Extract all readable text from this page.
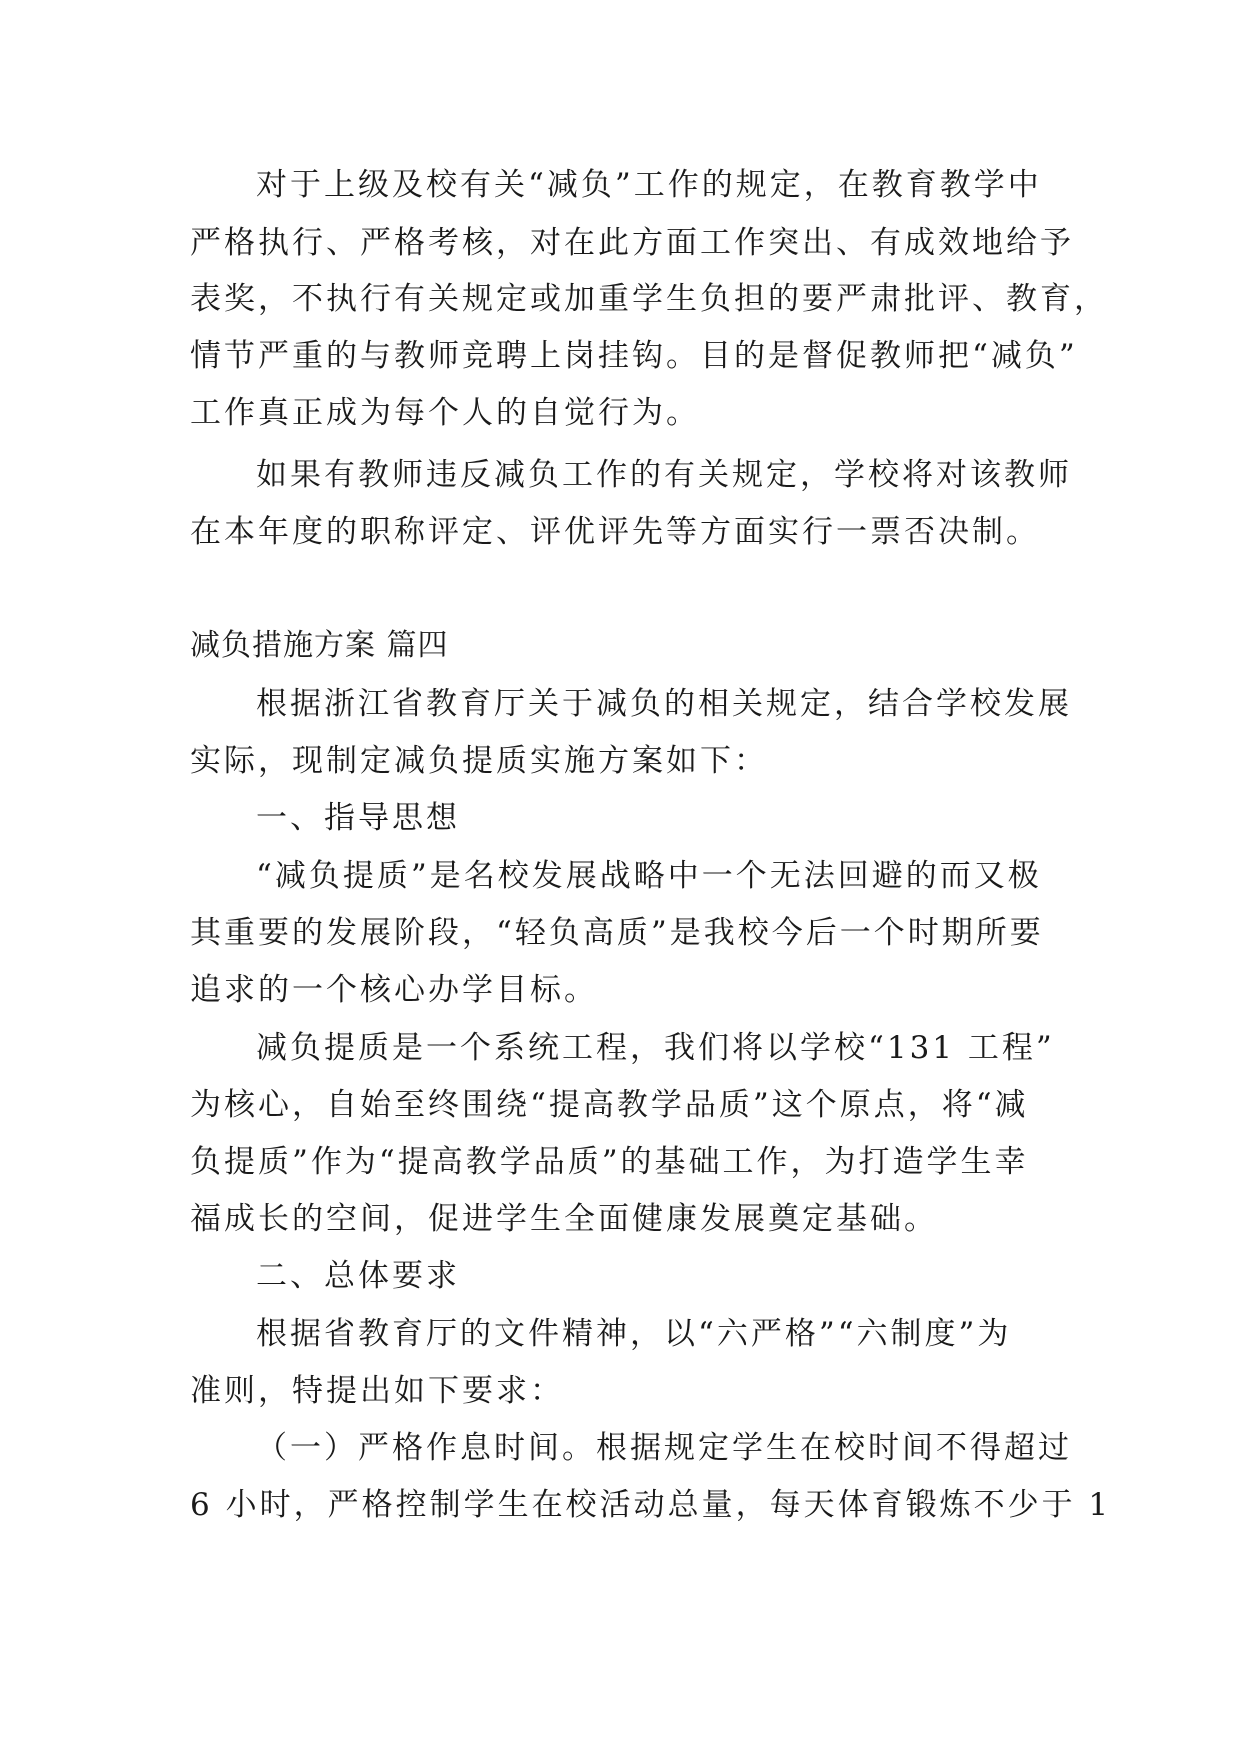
对于上级及校有关“减负”工作的规定，在教育教学中
严格执行、严格考核，对在此方面工作突出、有成效地给予
表奖，不执行有关规定或加重学生负担的要严肃批评、教育，
情节严重的与教师竞聘上岗挂钩。目的是督促教师把“减负”
工作真正成为每个人的自觉行为。
如果有教师违反减负工作的有关规定，学校将对该教师
在本年度的职称评定、评优评先等方面实行一票否决制。
减负措施方案 篇四
根据浙江省教育厅关于减负的相关规定，结合学校发展
实际，现制定减负提质实施方案如下：
一、指导思想
“减负提质”是名校发展战略中一个无法回避的而又极
其重要的发展阶段，“轻负高质”是我校今后一个时期所要
追求的一个核心办学目标。
减负提质是一个系统工程，我们将以学校“131 工程”
为核心，自始至终围绕“提高教学品质”这个原点，将“减
负提质”作为“提高教学品质”的基础工作，为打造学生幸
福成长的空间，促进学生全面健康发展奠定基础。
二、总体要求
根据省教育厅的文件精神，以“六严格”“六制度”为
准则，特提出如下要求：
（一）严格作息时间。根据规定学生在校时间不得超过
6 小时，严格控制学生在校活动总量，每天体育锻炼不少于 1
